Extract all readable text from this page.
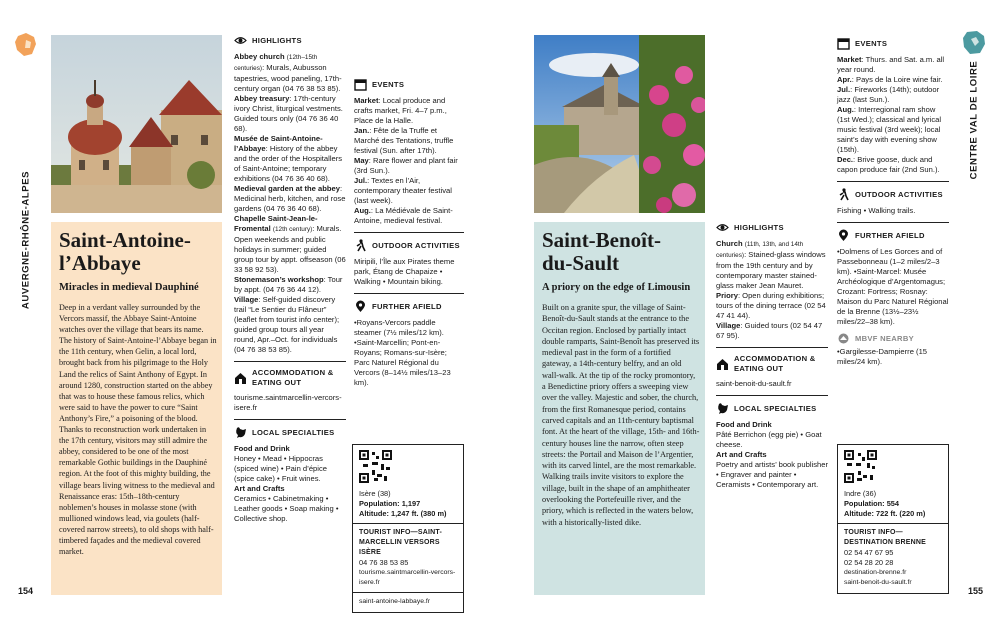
AUVERGNE-RHÔNE-ALPES
154
Saint-Antoine-
l’Abbaye
Miracles in medieval Dauphiné

Deep in a verdant valley surrounded by the Vercors massif, the Abbaye Saint-Antoine watches over the village that bears its name. The history of Saint-Antoine-l’Abbaye began in the 11th century, when Gelin, a local lord, brought back from his pilgrimage to the Holy Land the relics of Saint Anthony of Egypt. In around 1280, construction started on the abbey that was to house these famous relics, which were said to have the power to cure “Saint Anthony’s Fire,” a poisoning of the blood. Thanks to reconstruction work undertaken in the 17th century, visitors may still admire the abbey, considered to be one of the most remarkable Gothic buildings in the Dauphiné region. At the foot of this mighty building, the village bears living witness to the medieval and Renaissance eras: 15th–18th-century noblemen’s houses in molasse stone (with mullioned windows lead, via goulets (half-covered narrow streets), to old shops with half-timbered façades and the medieval covered market.

HIGHLIGHTS
Abbey church (12th–15th centuries): Murals, Aubusson tapestries, wood paneling, 17th-century organ (04 76 38 53 85).
Abbey treasury: 17th-century ivory Christ, liturgical vestments. Guided tours only (04 76 36 40 68).
Musée de Saint-Antoine-l’Abbaye: History of the abbey and the order of the Hospitallers of Saint-Antoine; temporary exhibitions (04 76 36 40 68).
Medieval garden at the abbey: Medicinal herb, kitchen, and rose gardens (04 76 36 40 68).
Chapelle Saint-Jean-le-Fromental (12th century): Murals. Open weekends and public holidays in summer; guided group tour by appt. offseason (06 33 58 92 53).
Stonemason’s workshop: Tour by appt. (04 76 36 44 12).
Village: Self-guided discovery trail “Le Sentier du Flâneur” (leaflet from tourist info center); guided group tours all year round, Apr.–Oct. for individuals (04 76 38 53 85).
ACCOMMODATION & EATING OUT
tourisme.saintmarcellin-vercors-isere.fr
LOCAL SPECIALTIES
Food and Drink
Honey • Mead • Hippocras (spiced wine) • Pain d’épice (spice cake) • Fruit wines.
Art and Crafts
Ceramics • Cabinetmaking • Leather goods • Soap making • Collective shop.
EVENTS
Market: Local produce and crafts market, Fri. 4–7 p.m., Place de la Halle.
Jan.: Fête de la Truffe et Marché des Tentations, truffle festival (Sun. after 17th).
May: Rare flower and plant fair (3rd Sun.).
Jul.: Textes en l’Air, contemporary theater festival (last week).
Aug.: La Médiévale de Saint-Antoine, medieval festival.
OUTDOOR ACTIVITIES
Miripili, l’Île aux Pirates theme park, Étang de Chapaize • Walking • Mountain biking.
FURTHER AFIELD
•Royans-Vercors paddle steamer (7½ miles/12 km). •Saint-Marcellin; Pont-en-Royans; Romans-sur-Isère; Parc Naturel Régional du Vercors (8–14½ miles/13–23 km).
Isère (38)
Population: 1,197
Altitude: 1,247 ft. (380 m)
TOURIST INFO—SAINT-MARCELLIN VERSORS ISÈRE
04 76 38 53 85
tourisme.saintmarcellin-vercors-isere.fr
saint-antoine-labbaye.fr
CENTRE VAL DE LOIRE
155
Saint-Benoît-
du-Sault
A priory on the edge of Limousin

Built on a granite spur, the village of Saint-Benoît-du-Sault stands at the entrance to the Occitan region. Enclosed by partially intact double ramparts, Saint-Benoît has preserved its medieval past in the form of a fortified gateway, a 14th-century belfry, and an old wall-walk. At the tip of the rocky promontory, a Benedictine priory offers a sweeping view over the valley. Majestic and sober, the church, from the first Romanesque period, contains carved capitals and an 11th-century baptismal font. At the heart of the village, 15th- and 16th-century houses line the narrow, often steep streets: the Portail and Maison de l’Argentier, with its carved lintel, are the most remarkable. Walking trails invite visitors to explore the village, built in the shape of an amphitheater overlooking the Portefeuille river, and the priory, which is reflected in the waters below, with a historically-listed dike.

HIGHLIGHTS
Church (11th, 13th, and 14th centuries): Stained-glass windows from the 19th century and by contemporary master stained-glass maker Jean Mauret.
Priory: Open during exhibitions; tours of the dining terrace (02 54 47 41 44).
Village: Guided tours (02 54 47 67 95).
ACCOMMODATION & EATING OUT
saint-benoit-du-sault.fr
LOCAL SPECIALTIES
Food and Drink
Pâté Berrichon (egg pie) • Goat cheese.
Art and Crafts
Poetry and artists’ book publisher • Engraver and painter • Ceramists • Contemporary art.
EVENTS
Market: Thurs. and Sat. a.m. all year round.
Apr.: Pays de la Loire wine fair.
Jul.: Fireworks (14th); outdoor jazz (last Sun.).
Aug.: Interregional ram show (1st Wed.); classical and lyrical music festival (3rd week); local saint’s day with evening show (15th).
Dec.: Brive goose, duck and capon produce fair (2nd Sun.).
OUTDOOR ACTIVITIES
Fishing • Walking trails.
FURTHER AFIELD
•Dolmens of Les Gorces and of Passebonneau (1–2 miles/2–3 km). •Saint-Marcel: Musée Archéologique d’Argentomagus; Crozant: Fortress; Rosnay: Maison du Parc Naturel Régional de la Brenne (13½–23½ miles/22–38 km).
MBVF NEARBY
•Gargilesse-Dampierre (15 miles/24 km).
Indre (36)
Population: 554
Altitude: 722 ft. (220 m)
TOURIST INFO—DESTINATION BRENNE
02 54 47 67 95
02 54 28 20 28
destination-brenne.fr
saint-benoit-du-sault.fr
